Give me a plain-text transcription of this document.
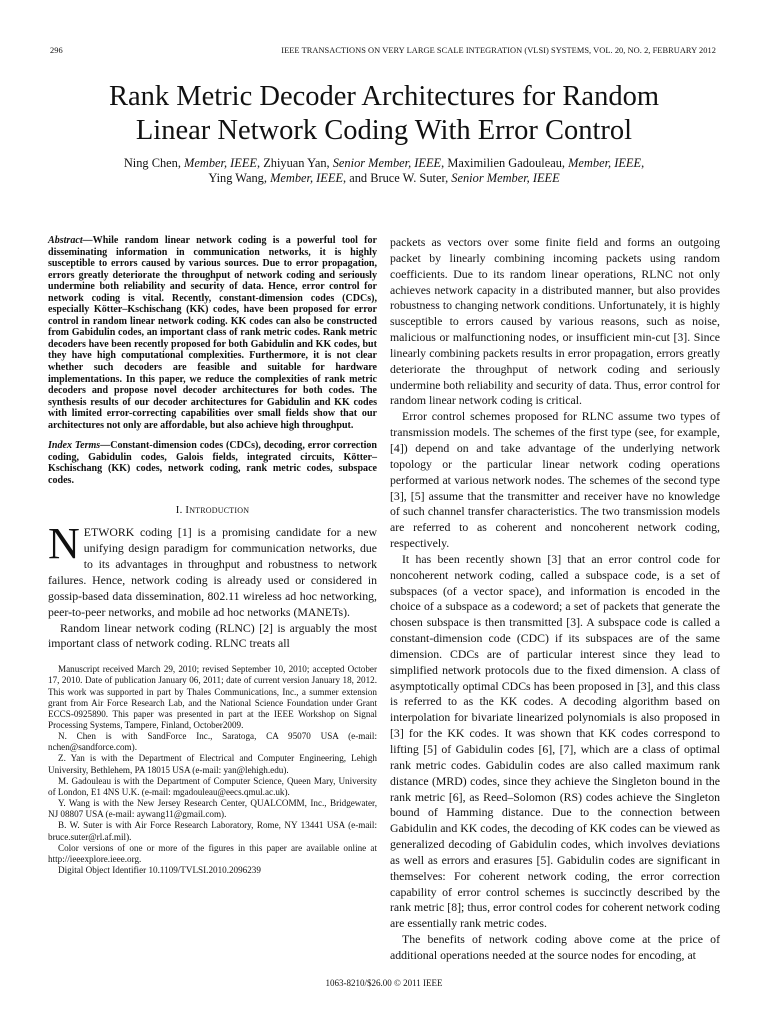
296	IEEE TRANSACTIONS ON VERY LARGE SCALE INTEGRATION (VLSI) SYSTEMS, VOL. 20, NO. 2, FEBRUARY 2012
Rank Metric Decoder Architectures for Random
Linear Network Coding With Error Control
Ning Chen, Member, IEEE, Zhiyuan Yan, Senior Member, IEEE, Maximilien Gadouleau, Member, IEEE,
Ying Wang, Member, IEEE, and Bruce W. Suter, Senior Member, IEEE
Abstract—While random linear network coding is a powerful tool for disseminating information in communication networks, it is highly susceptible to errors caused by various sources. Due to error propagation, errors greatly deteriorate the throughput of network coding and seriously undermine both reliability and security of data. Hence, error control for network coding is vital. Recently, constant-dimension codes (CDCs), especially Kötter–Kschischang (KK) codes, have been proposed for error control in random linear network coding. KK codes can also be constructed from Gabidulin codes, an important class of rank metric codes. Rank metric decoders have been recently proposed for both Gabidulin and KK codes, but they have high computational complexities. Furthermore, it is not clear whether such decoders are feasible and suitable for hardware implementations. In this paper, we reduce the complexities of rank metric decoders and propose novel decoder architectures for both codes. The synthesis results of our decoder architectures for Gabidulin and KK codes with limited error-correcting capabilities over small fields show that our architectures not only are affordable, but also achieve high throughput.
Index Terms—Constant-dimension codes (CDCs), decoding, error correction coding, Gabidulin codes, Galois fields, integrated circuits, Kötter–Kschischang (KK) codes, network coding, rank metric codes, subspace codes.
I. Introduction

NETWORK coding [1] is a promising candidate for a new unifying design paradigm for communication networks, due to its advantages in throughput and robustness to network failures. Hence, network coding is already used or considered in gossip-based data dissemination, 802.11 wireless ad hoc networking, peer-to-peer networks, and mobile ad hoc networks (MANETs).

Random linear network coding (RLNC) [2] is arguably the most important class of network coding. RLNC treats all

Manuscript received March 29, 2010; revised September 10, 2010; accepted October 17, 2010. Date of publication January 06, 2011; date of current version January 18, 2012. This work was supported in part by Thales Communications, Inc., a summer extension grant from Air Force Research Lab, and the National Science Foundation under Grant ECCS-0925890. This paper was presented in part at the IEEE Workshop on Signal Processing Systems, Tampere, Finland, October2009.

N. Chen is with SandForce Inc., Saratoga, CA 95070 USA (e-mail: nchen@sandforce.com).

Z. Yan is with the Department of Electrical and Computer Engineering, Lehigh University, Bethlehem, PA 18015 USA (e-mail: yan@lehigh.edu).

M. Gadouleau is with the Department of Computer Science, Queen Mary, University of London, E1 4NS U.K. (e-mail: mgadouleau@eecs.qmul.ac.uk).

Y. Wang is with the New Jersey Research Center, QUALCOMM, Inc., Bridgewater, NJ 08807 USA (e-mail: aywang11@gmail.com).

B. W. Suter is with Air Force Research Laboratory, Rome, NY 13441 USA (e-mail: bruce.suter@rl.af.mil).

Color versions of one or more of the figures in this paper are available online at http://ieeexplore.ieee.org.

Digital Object Identifier 10.1109/TVLSI.2010.2096239

packets as vectors over some finite field and forms an outgoing packet by linearly combining incoming packets using random coefficients. Due to its random linear operations, RLNC not only achieves network capacity in a distributed manner, but also provides robustness to changing network conditions. Unfortunately, it is highly susceptible to errors caused by various reasons, such as noise, malicious or malfunctioning nodes, or insufficient min-cut [3]. Since linearly combining packets results in error propagation, errors greatly deteriorate the throughput of network coding and seriously undermine both reliability and security of data. Thus, error control for random linear network coding is critical.

Error control schemes proposed for RLNC assume two types of transmission models. The schemes of the first type (see, for example, [4]) depend on and take advantage of the underlying network topology or the particular linear network coding operations performed at various network nodes. The schemes of the second type [3], [5] assume that the transmitter and receiver have no knowledge of such channel transfer characteristics. The two transmission models are referred to as coherent and noncoherent network coding, respectively.

It has been recently shown [3] that an error control code for noncoherent network coding, called a subspace code, is a set of subspaces (of a vector space), and information is encoded in the choice of a subspace as a codeword; a set of packets that generate the chosen subspace is then transmitted [3]. A subspace code is called a constant-dimension code (CDC) if its subspaces are of the same dimension. CDCs are of particular interest since they lead to simplified network protocols due to the fixed dimension. A class of asymptotically optimal CDCs has been proposed in [3], and this class is referred to as the KK codes. A decoding algorithm based on interpolation for bivariate linearized polynomials is also proposed in [3] for the KK codes. It was shown that KK codes correspond to lifting [5] of Gabidulin codes [6], [7], which are a class of optimal rank metric codes. Gabidulin codes are also called maximum rank distance (MRD) codes, since they achieve the Singleton bound in the rank metric [6], as Reed–Solomon (RS) codes achieve the Singleton bound of Hamming distance. Due to the connection between Gabidulin and KK codes, the decoding of KK codes can be viewed as generalized decoding of Gabidulin codes, which involves deviations as well as errors and erasures [5]. Gabidulin codes are significant in themselves: For coherent network coding, the error correction capability of error control schemes is succinctly described by the rank metric [8]; thus, error control codes for coherent network coding are essentially rank metric codes.

The benefits of network coding above come at the price of additional operations needed at the source nodes for encoding, at

1063-8210/$26.00 © 2011 IEEE
